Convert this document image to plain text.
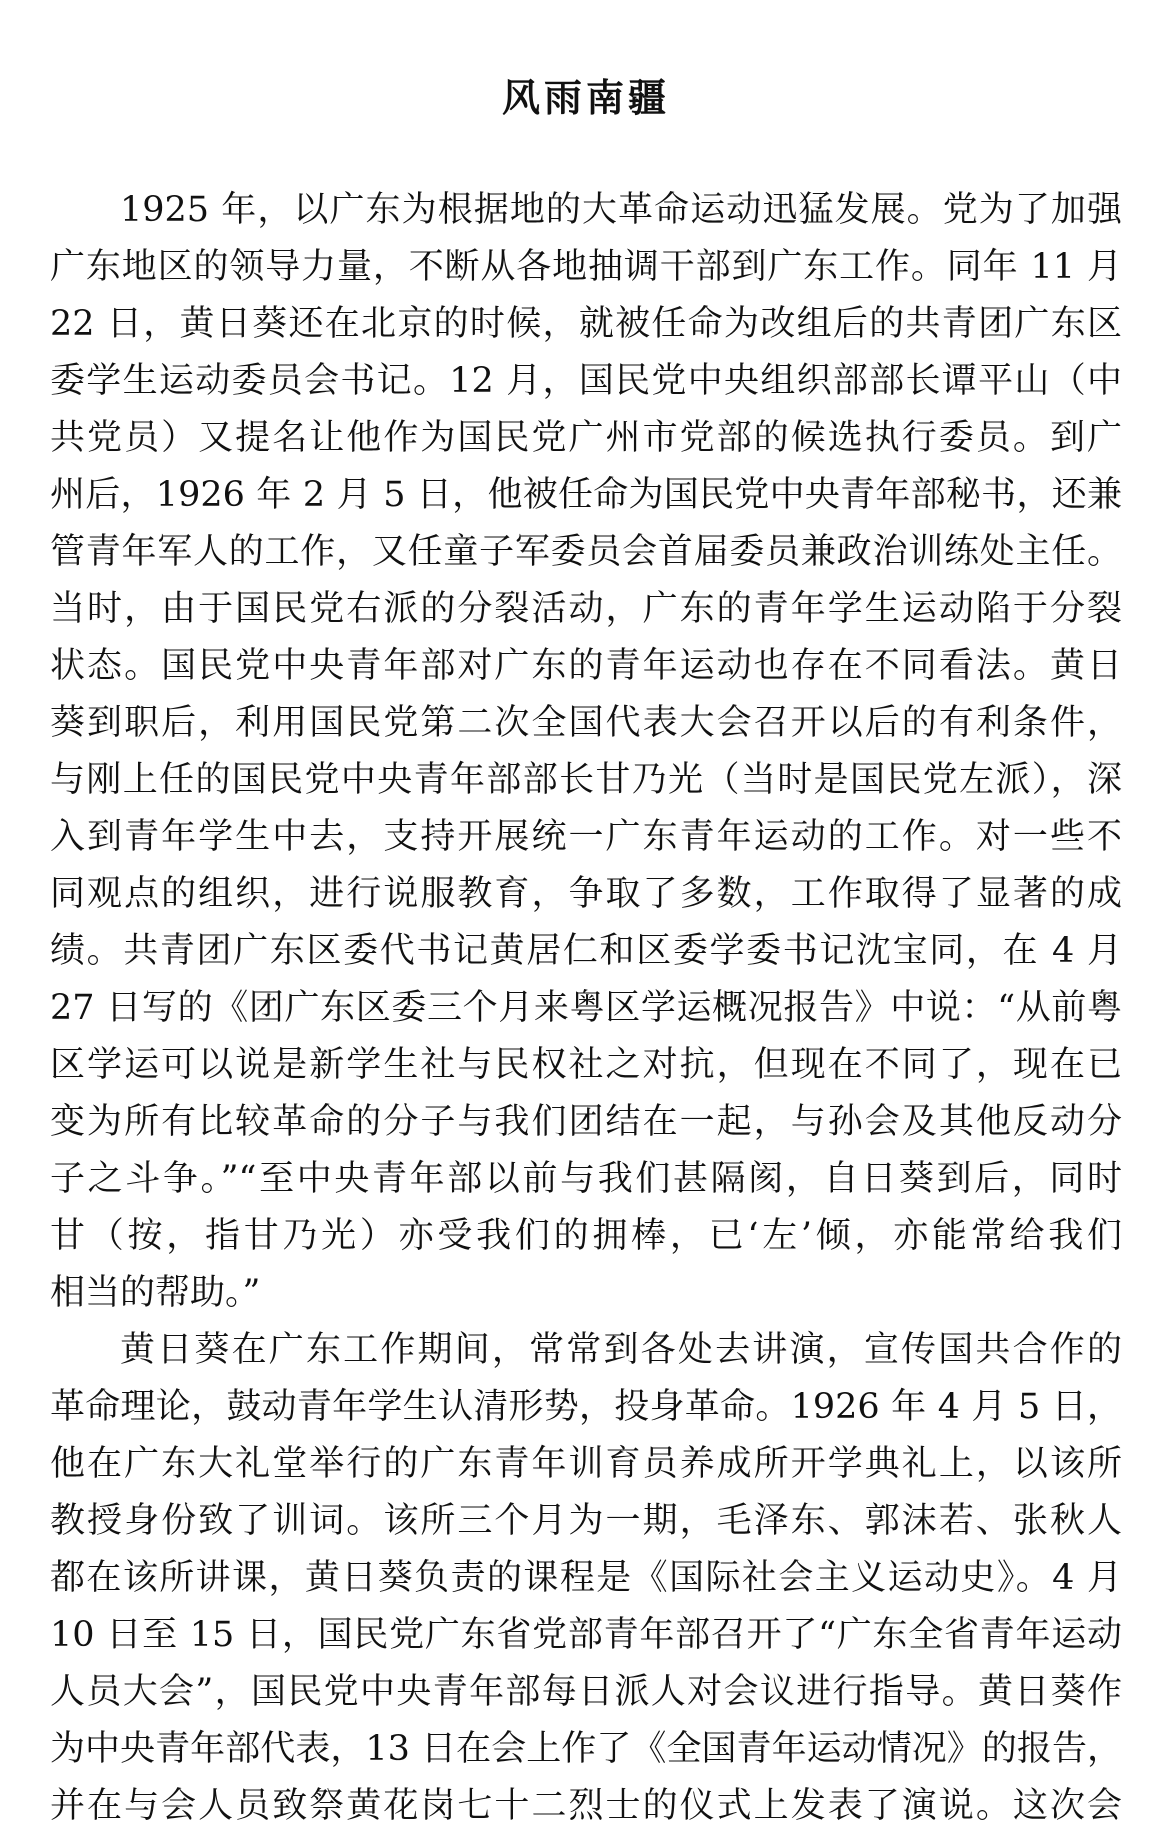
风雨南疆
1925 年，以广东为根据地的大革命运动迅猛发展。党为了加强
广东地区的领导力量，不断从各地抽调干部到广东工作。同年 11 月
22 日，黄日葵还在北京的时候，就被任命为改组后的共青团广东区
委学生运动委员会书记。12 月，国民党中央组织部部长谭平山（中
共党员）又提名让他作为国民党广州市党部的候选执行委员。到广
州后，1926 年 2 月 5 日，他被任命为国民党中央青年部秘书，还兼
管青年军人的工作，又任童子军委员会首届委员兼政治训练处主任。
当时，由于国民党右派的分裂活动，广东的青年学生运动陷于分裂
状态。国民党中央青年部对广东的青年运动也存在不同看法。黄日
葵到职后，利用国民党第二次全国代表大会召开以后的有利条件，
与刚上任的国民党中央青年部部长甘乃光（当时是国民党左派），深
入到青年学生中去，支持开展统一广东青年运动的工作。对一些不
同观点的组织，进行说服教育，争取了多数，工作取得了显著的成
绩。共青团广东区委代书记黄居仁和区委学委书记沈宝同，在 4 月
27 日写的《团广东区委三个月来粤区学运概况报告》中说：“从前粤
区学运可以说是新学生社与民权社之对抗，但现在不同了，现在已
变为所有比较革命的分子与我们团结在一起，与孙会及其他反动分
子之斗争。”“至中央青年部以前与我们甚隔阂，自日葵到后，同时
甘（按，指甘乃光）亦受我们的拥棒，已‘左’倾，亦能常给我们
相当的帮助。”
黄日葵在广东工作期间，常常到各处去讲演，宣传国共合作的
革命理论，鼓动青年学生认清形势，投身革命。1926 年 4 月 5 日，
他在广东大礼堂举行的广东青年训育员养成所开学典礼上，以该所
教授身份致了训词。该所三个月为一期，毛泽东、郭沫若、张秋人
都在该所讲课，黄日葵负责的课程是《国际社会主义运动史》。4 月
10 日至 15 日，国民党广东省党部青年部召开了“广东全省青年运动
人员大会”，国民党中央青年部每日派人对会议进行指导。黄日葵作
为中央青年部代表，13 日在会上作了《全国青年运动情况》的报告，
并在与会人员致祭黄花岗七十二烈士的仪式上发表了演说。这次会
